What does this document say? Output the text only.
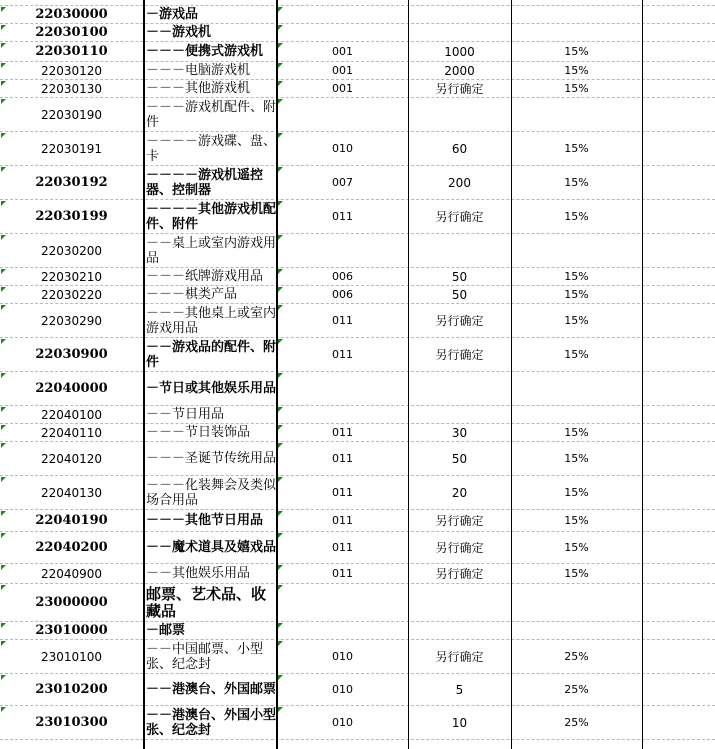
22030000	－游戏品
22030100	－－游戏机
22030110	－－－便携式游戏机	001	1000	15%
22030120	－－－电脑游戏机	001	2000	15%
22030130	－－－其他游戏机	001	另行确定	15%
22030190	－－－游戏机配件、附件
22030191	－－－－游戏碟、盘、卡	010	60	15%
22030192	－－－－游戏机遥控器、控制器	007	200	15%
22030199	－－－－其他游戏机配件、附件	011	另行确定	15%
22030200	－－桌上或室内游戏用品
22030210	－－－纸牌游戏用品	006	50	15%
22030220	－－－棋类产品	006	50	15%
22030290	－－－其他桌上或室内游戏用品	011	另行确定	15%
22030900	－－游戏品的配件、附件	011	另行确定	15%
22040000	－节日或其他娱乐用品
22040100	－－节日用品
22040110	－－－节日装饰品	011	30	15%
22040120	－－－圣诞节传统用品	011	50	15%
22040130	－－－化装舞会及类似场合用品	011	20	15%
22040190	－－－其他节日用品	011	另行确定	15%
22040200	－－魔术道具及嬉戏品	011	另行确定	15%
22040900	－－其他娱乐用品	011	另行确定	15%
23000000	邮票、艺术品、收藏品
23010000	－邮票
23010100	－－中国邮票、小型张、纪念封	010	另行确定	25%
23010200	－－港澳台、外国邮票	010	5	25%
23010300	－－港澳台、外国小型张、纪念封	010	10	25%
